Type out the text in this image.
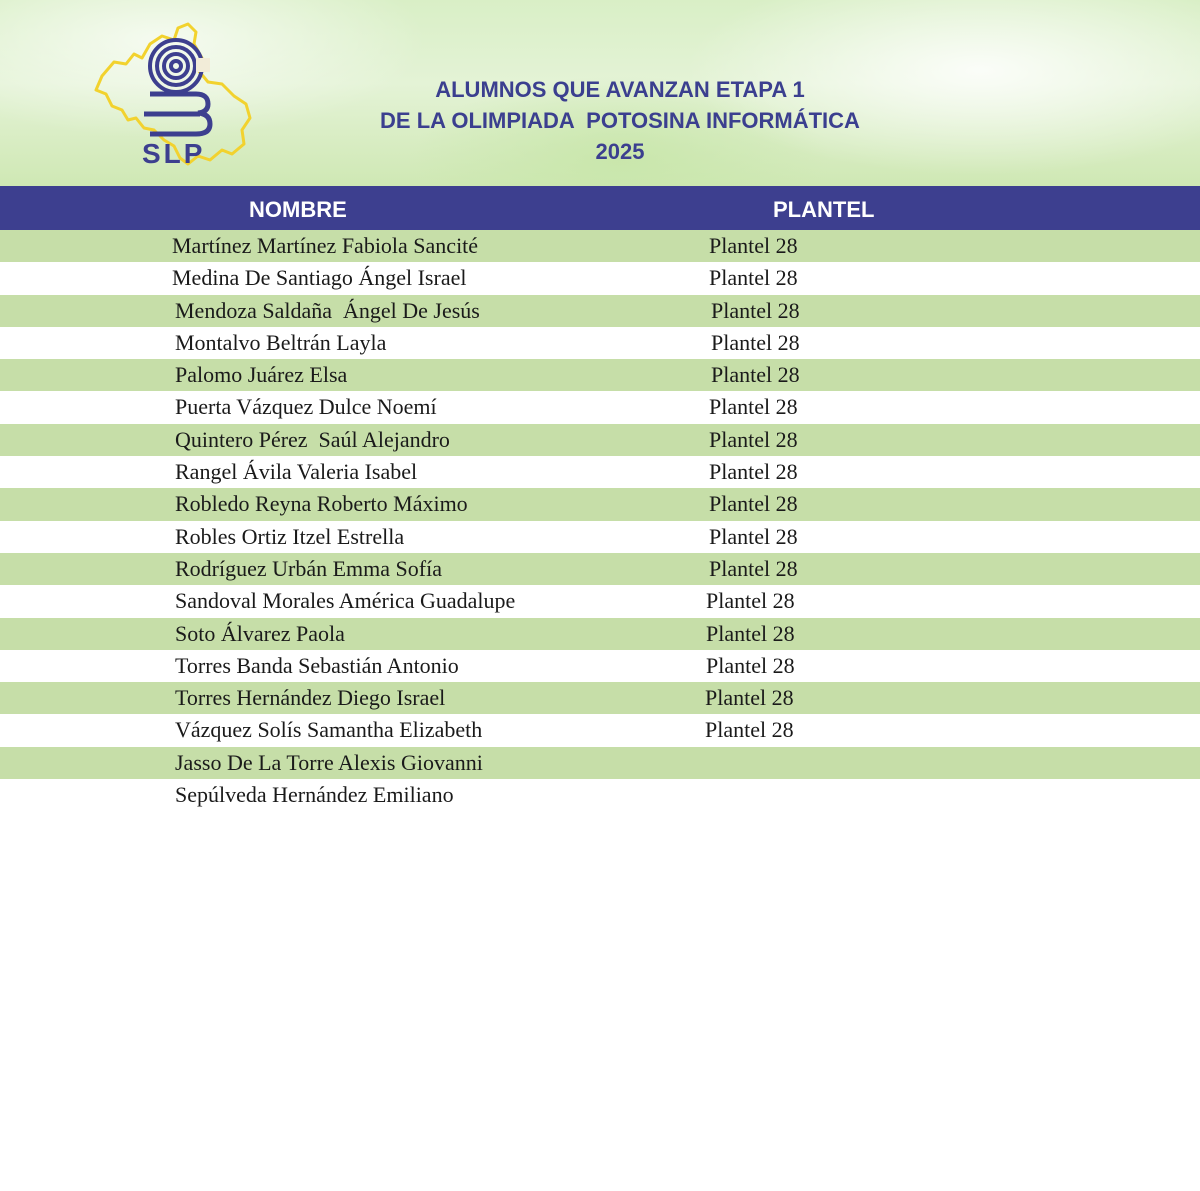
SLP
ALUMNOS QUE AVANZAN ETAPA 1
DE LA OLIMPIADA  POTOSINA INFORMÁTICA
2025
NOMBRE	PLANTEL
Martínez Martínez Fabiola Sancité	Plantel 28
Medina De Santiago Ángel Israel	Plantel 28
Mendoza Saldaña  Ángel De Jesús	Plantel 28
Montalvo Beltrán Layla	Plantel 28
Palomo Juárez Elsa	Plantel 28
Puerta Vázquez Dulce Noemí	Plantel 28
Quintero Pérez  Saúl Alejandro	Plantel 28
Rangel Ávila Valeria Isabel	Plantel 28
Robledo Reyna Roberto Máximo	Plantel 28
Robles Ortiz Itzel Estrella	Plantel 28
Rodríguez Urbán Emma Sofía	Plantel 28
Sandoval Morales América Guadalupe	Plantel 28
Soto Álvarez Paola	Plantel 28
Torres Banda Sebastián Antonio	Plantel 28
Torres Hernández Diego Israel	Plantel 28
Vázquez Solís Samantha Elizabeth	Plantel 28
Jasso De La Torre Alexis Giovanni
Sepúlveda Hernández Emiliano
